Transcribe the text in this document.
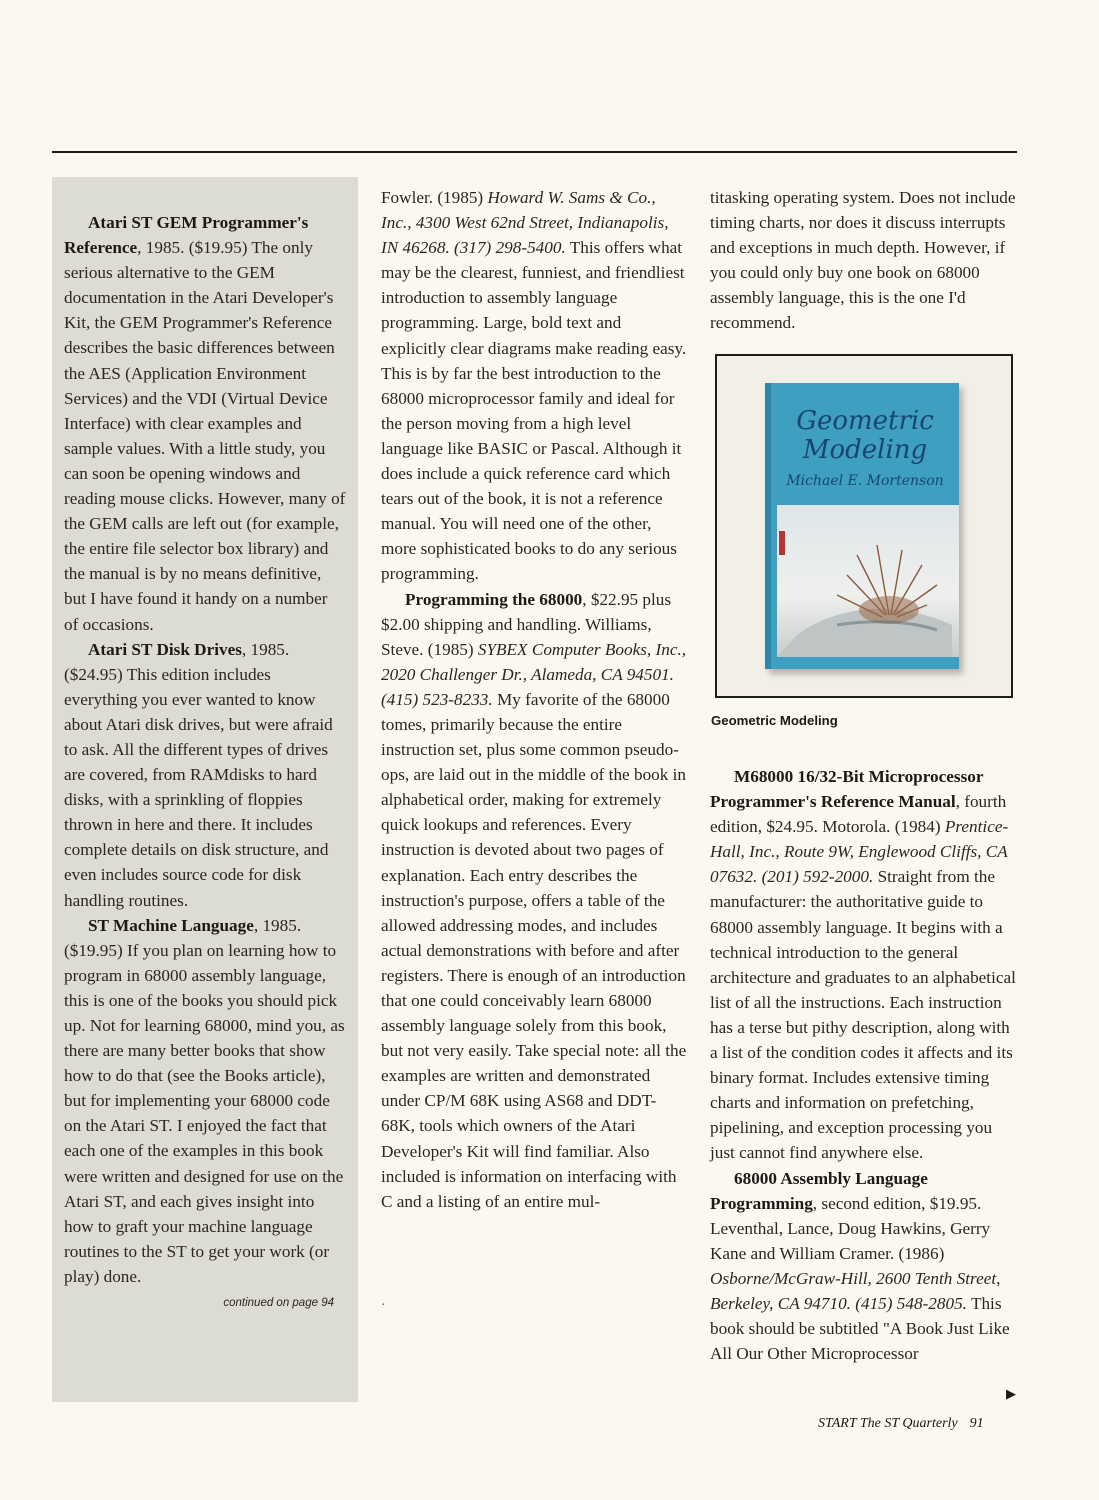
Atari ST GEM Programmer's Reference, 1985. ($19.95) The only serious alternative to the GEM documentation in the Atari Developer's Kit, the GEM Programmer's Reference describes the basic differences between the AES (Application Environment Services) and the VDI (Virtual Device Interface) with clear examples and sample values. With a little study, you can soon be opening windows and reading mouse clicks. However, many of the GEM calls are left out (for example, the entire file selector box library) and the manual is by no means definitive, but I have found it handy on a number of occasions.

Atari ST Disk Drives, 1985. ($24.95) This edition includes everything you ever wanted to know about Atari disk drives, but were afraid to ask. All the different types of drives are covered, from RAMdisks to hard disks, with a sprinkling of floppies thrown in here and there. It includes complete details on disk structure, and even includes source code for disk handling routines.

ST Machine Language, 1985. ($19.95) If you plan on learning how to program in 68000 assembly language, this is one of the books you should pick up. Not for learning 68000, mind you, as there are many better books that show how to do that (see the Books article), but for implementing your 68000 code on the Atari ST. I enjoyed the fact that each one of the examples in this book were written and designed for use on the Atari ST, and each gives insight into how to graft your machine language routines to the ST to get your work (or play) done.

continued on page 94

Fowler. (1985) Howard W. Sams & Co., Inc., 4300 West 62nd Street, Indianapolis, IN 46268. (317) 298-5400. This offers what may be the clearest, funniest, and friendliest introduction to assembly language programming. Large, bold text and explicitly clear diagrams make reading easy. This is by far the best introduction to the 68000 microprocessor family and ideal for the person moving from a high level language like BASIC or Pascal. Although it does include a quick reference card which tears out of the book, it is not a reference manual. You will need one of the other, more sophisticated books to do any serious programming.

Programming the 68000, $22.95 plus $2.00 shipping and handling. Williams, Steve. (1985) SYBEX Computer Books, Inc., 2020 Challenger Dr., Alameda, CA 94501. (415) 523-8233. My favorite of the 68000 tomes, primarily because the entire instruction set, plus some common pseudo-ops, are laid out in the middle of the book in alphabetical order, making for extremely quick lookups and references. Every instruction is devoted about two pages of explanation. Each entry describes the instruction's purpose, offers a table of the allowed addressing modes, and includes actual demonstrations with before and after registers. There is enough of an introduction that one could conceivably learn 68000 assembly language solely from this book, but not very easily. Take special note: all the examples are written and demonstrated under CP/M 68K using AS68 and DDT-68K, tools which owners of the Atari Developer's Kit will find familiar. Also included is information on interfacing with C and a listing of an entire mul-

·

titasking operating system. Does not include timing charts, nor does it discuss interrupts and exceptions in much depth. However, if you could only buy one book on 68000 assembly language, this is the one I'd recommend.

Geometric Modeling
Michael E. Mortenson
Geometric Modeling

M68000 16/32-Bit Microprocessor Programmer's Reference Manual, fourth edition, $24.95. Motorola. (1984) Prentice-Hall, Inc., Route 9W, Englewood Cliffs, CA 07632. (201) 592-2000. Straight from the manufacturer: the authoritative guide to 68000 assembly language. It begins with a technical introduction to the general architecture and graduates to an alphabetical list of all the instructions. Each instruction has a terse but pithy description, along with a list of the condition codes it affects and its binary format. Includes extensive timing charts and information on prefetching, pipelining, and exception processing you just cannot find anywhere else.

68000 Assembly Language Programming, second edition, $19.95. Leventhal, Lance, Doug Hawkins, Gerry Kane and William Cramer. (1986) Osborne/McGraw-Hill, 2600 Tenth Street, Berkeley, CA 94710. (415) 548-2805. This book should be subtitled "A Book Just Like All Our Other Microprocessor

▶
START The ST Quarterly 91
